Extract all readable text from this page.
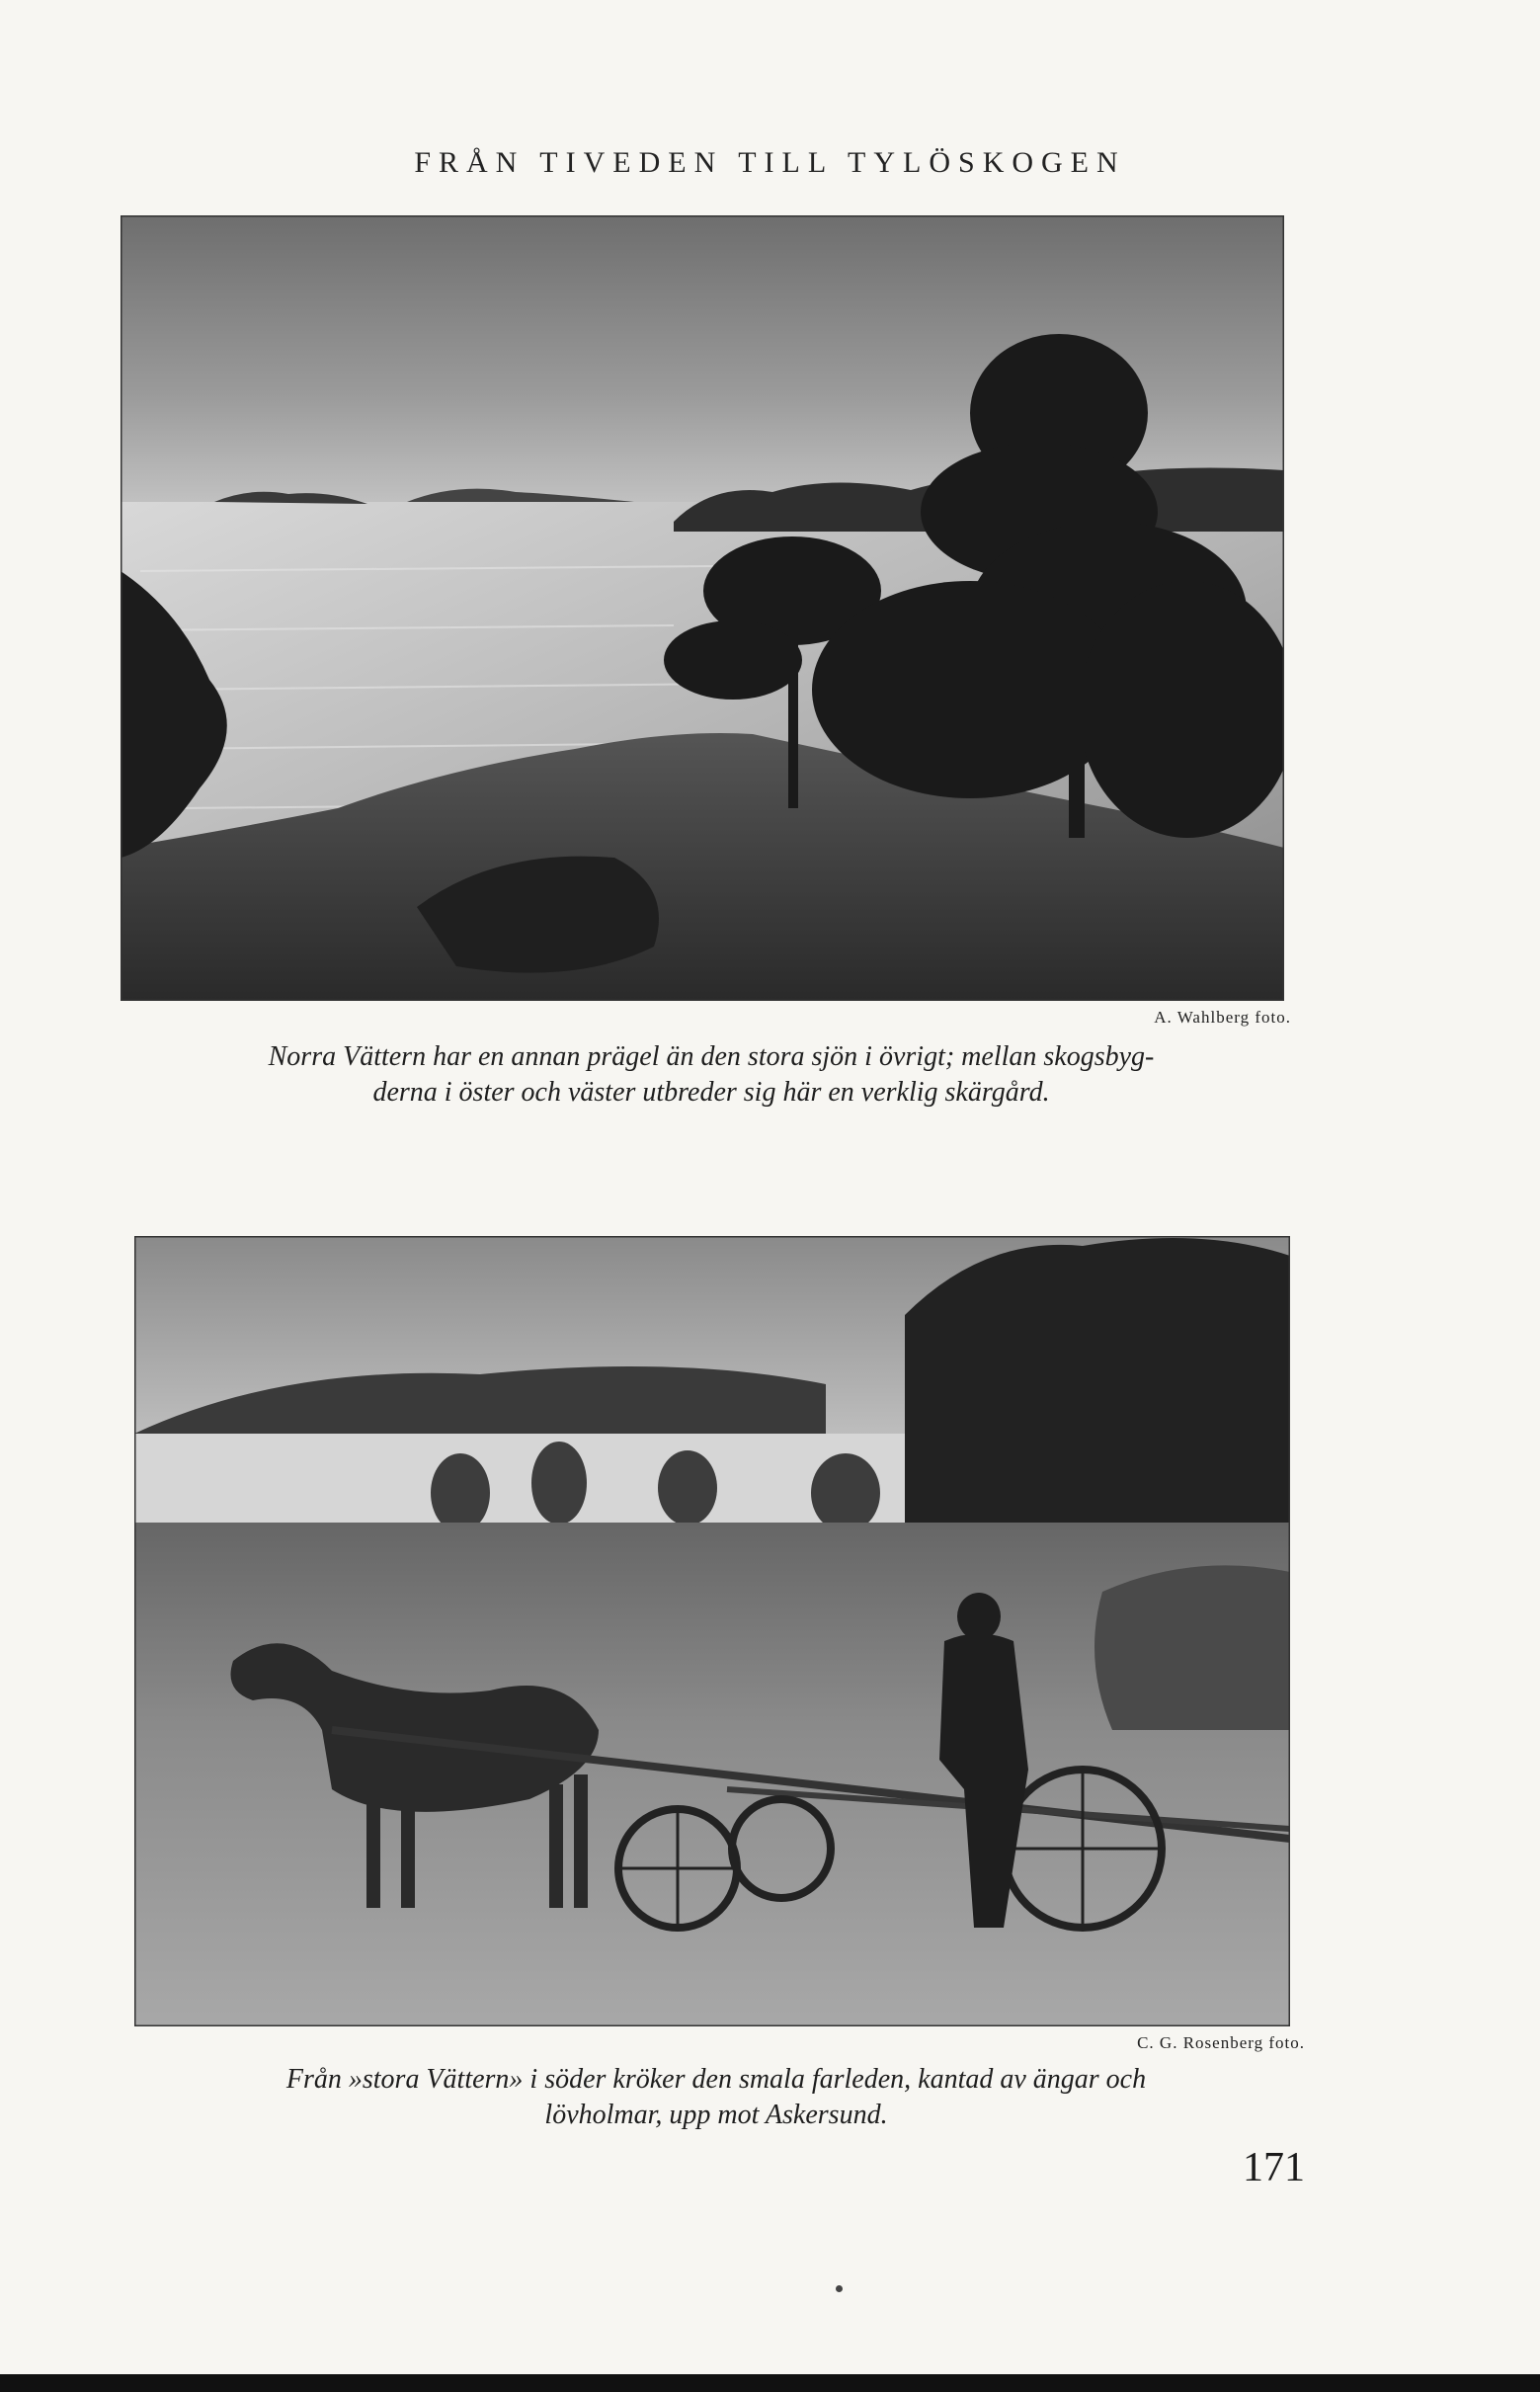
FRÅN TIVEDEN TILL TYLÖSKOGEN
A. Wahlberg foto.
Norra Vättern har en annan prägel än den stora sjön i övrigt; mellan skogsbyg-
derna i öster och väster utbreder sig här en verklig skärgård.
C. G. Rosenberg foto.
Från »stora Vättern» i söder kröker den smala farleden, kantad av ängar och
lövholmar, upp mot Askersund.
171
